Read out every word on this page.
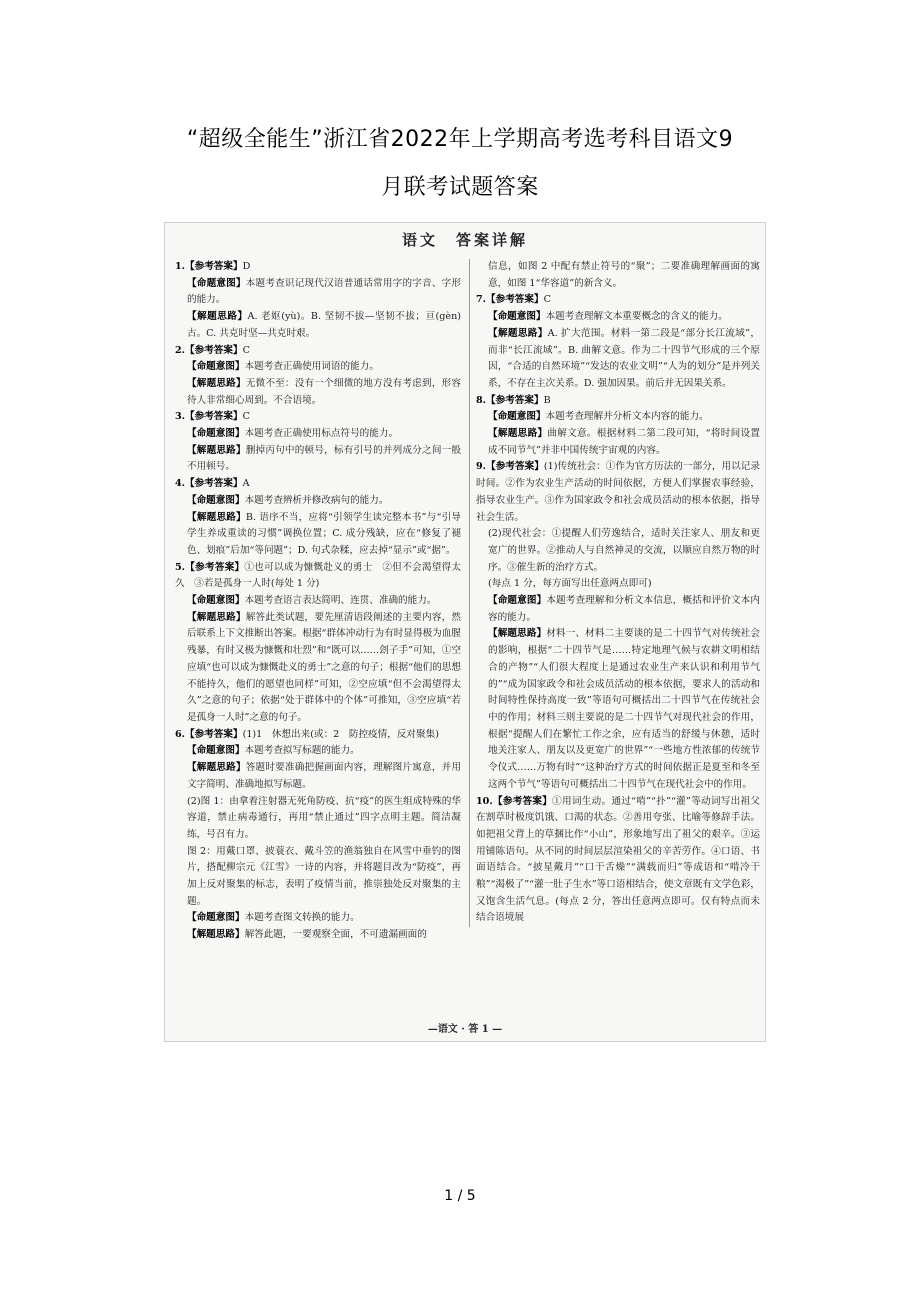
“超级全能生”浙江省2022年上学期高考选考科目语文9
月联考试题答案
语文　答案详解

1.【参考答案】D

【命题意图】本题考查识记现代汉语普通话常用字的字音、字形的能力。

【解题思路】A. 老妪(yù)。B. 坚韧不拔—坚韧不拔；亘(gèn)古。C. 共克时坚—共克时艰。

2.【参考答案】C

【命题意图】本题考查正确使用词语的能力。

【解题思路】无微不至：没有一个细微的地方没有考虑到，形容待人非常细心周到。不合语境。

3.【参考答案】C

【命题意图】本题考查正确使用标点符号的能力。

【解题思路】删掉丙句中的顿号，标有引号的并列成分之间一般不用顿号。

4.【参考答案】A

【命题意图】本题考查辨析并修改病句的能力。

【解题思路】B. 语序不当，应将“引领学生读完整本书”与“引导学生养成重读的习惯”调换位置；C. 成分残缺，应在“修复了褪色、划痕”后加“等问题”；D. 句式杂糅，应去掉“显示”或“据”。

5.【参考答案】①也可以成为慷慨赴义的勇士　②但不会渴望得太久　③若是孤身一人时(每处 1 分)

【命题意图】本题考查语言表达简明、连贯、准确的能力。

【解题思路】解答此类试题，要先厘清语段阐述的主要内容，然后联系上下文推断出答案。根据“群体冲动行为有时显得极为血腥残暴，有时又极为慷慨和壮烈”和“既可以……刽子手”可知，①空应填“也可以成为慷慨赴义的勇士”之意的句子；根据“他们的思想不能持久，他们的愿望也同样”可知，②空应填“但不会渴望得太久”之意的句子；依据“处于群体中的个体”可推知，③空应填“若是孤身一人时”之意的句子。

6.【参考答案】(1)1　休想出来(或：2　防控疫情，反对聚集)

【命题意图】本题考查拟写标题的能力。

【解题思路】答题时要准确把握画面内容，理解图片寓意，并用文字简明、准确地拟写标题。

(2)图 1：由拿着注射器无死角防疫、抗“疫”的医生组成特殊的华容道，禁止病毒通行，再用“禁止通过”四字点明主题。简洁凝练，号召有力。

图 2：用戴口罩、披蓑衣、戴斗笠的渔翁独自在风雪中垂钓的图片，搭配柳宗元《江雪》一诗的内容，并将题目改为“防疫”，再加上反对聚集的标志，表明了疫情当前，推崇独处反对聚集的主题。

【命题意图】本题考查图文转换的能力。

【解题思路】解答此题，一要观察全面，不可遗漏画面的

信息，如图 2 中配有禁止符号的“聚”；二要准确理解画面的寓意，如图 1“华容道”的新含义。

7.【参考答案】C

【命题意图】本题考查理解文本重要概念的含义的能力。

【解题思路】A. 扩大范围。材料一第二段是“部分长江流域”，而非“长江流域”。B. 曲解文意。作为二十四节气形成的三个原因，“合适的自然环境”“发达的农业文明”“人为的划分”是并列关系，不存在主次关系。D. 强加因果。前后并无因果关系。

8.【参考答案】B

【命题意图】本题考查理解并分析文本内容的能力。

【解题思路】曲解文意。根据材料二第二段可知，“将时间设置成不同节气”并非中国传统宇宙观的内容。

9.【参考答案】(1)传统社会：①作为官方历法的一部分，用以记录时间。②作为农业生产活动的时间依据，方便人们掌握农事经验，指导农业生产。③作为国家政令和社会成员活动的根本依据，指导社会生活。

(2)现代社会：①提醒人们劳逸结合，适时关注家人、朋友和更宽广的世界。②推动人与自然神灵的交流，以顺应自然万物的时序。③催生新的治疗方式。

(每点 1 分，每方面写出任意两点即可)

【命题意图】本题考查理解和分析文本信息，概括和评价文本内容的能力。

【解题思路】材料一、材料二主要谈的是二十四节气对传统社会的影响，根据“二十四节气是……特定地理气候与农耕文明相结合的产物”“人们很大程度上是通过农业生产来认识和利用节气的”“成为国家政令和社会成员活动的根本依据，要求人的活动和时间特性保持高度一致”等语句可概括出二十四节气在传统社会中的作用；材料三则主要说的是二十四节气对现代社会的作用，根据“提醒人们在繁忙工作之余，应有适当的舒缓与休憩，适时地关注家人、朋友以及更宽广的世界”“一些地方性浓郁的传统节令仪式……万物有时”“这种治疗方式的时间依据正是夏至和冬至这两个节气”等语句可概括出二十四节气在现代社会中的作用。

10.【参考答案】①用词生动。通过“啃”“扑”“灌”等动词写出祖父在割草时极度饥饿、口渴的状态。②善用夸张、比喻等修辞手法。如把祖父背上的草捆比作“小山”，形象地写出了祖父的艰辛。③运用铺陈语句。从不同的时间层层渲染祖父的辛苦劳作。④口语、书面语结合。“披星戴月”“口干舌燥”“满载而归”等成语和“啃冷干粮”“渴极了”“灌一肚子生水”等口语相结合，使文章既有文学色彩，又饱含生活气息。(每点 2 分，答出任意两点即可。仅有特点而未结合语境展

—语文 · 答 1 —
1 / 5
